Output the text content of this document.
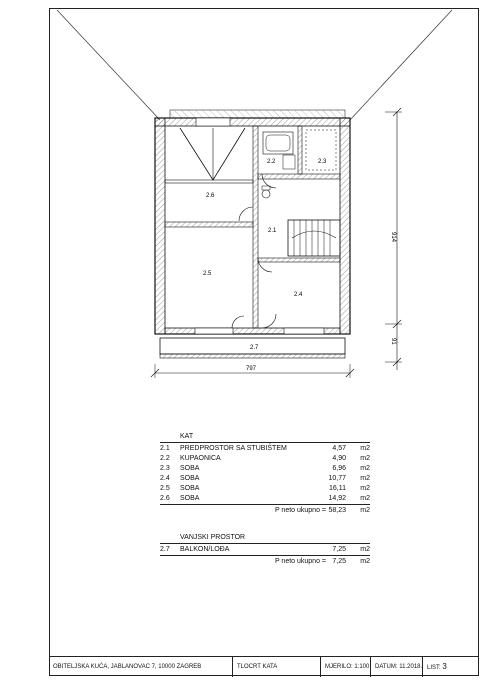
2.1
2.2	2.3
2.4
2.5
2.6
2.7
797
914
91
KAT
2.1 PREDPROSTOR SA STUBIŠTEM	4,57 m2
2.2 KUPAONICA	4,90 m2
2.3 SOBA	6,96 m2
2.4 SOBA	10,77 m2
2.5 SOBA	16,11 m2
2.6 SOBA	14,92 m2
P neto ukupno = 58,23 m2
VANJSKI PROSTOR
2.7 BALKON/LOĐA	7,25 m2
P neto ukupno = 7,25 m2
OBITELJSKA KUĆA, JABLANOVAC 7, 10000 ZAGREB	TLOCRT KATA	MJERILO: 1:100 DATUM: 11.2018. LIST: 3
